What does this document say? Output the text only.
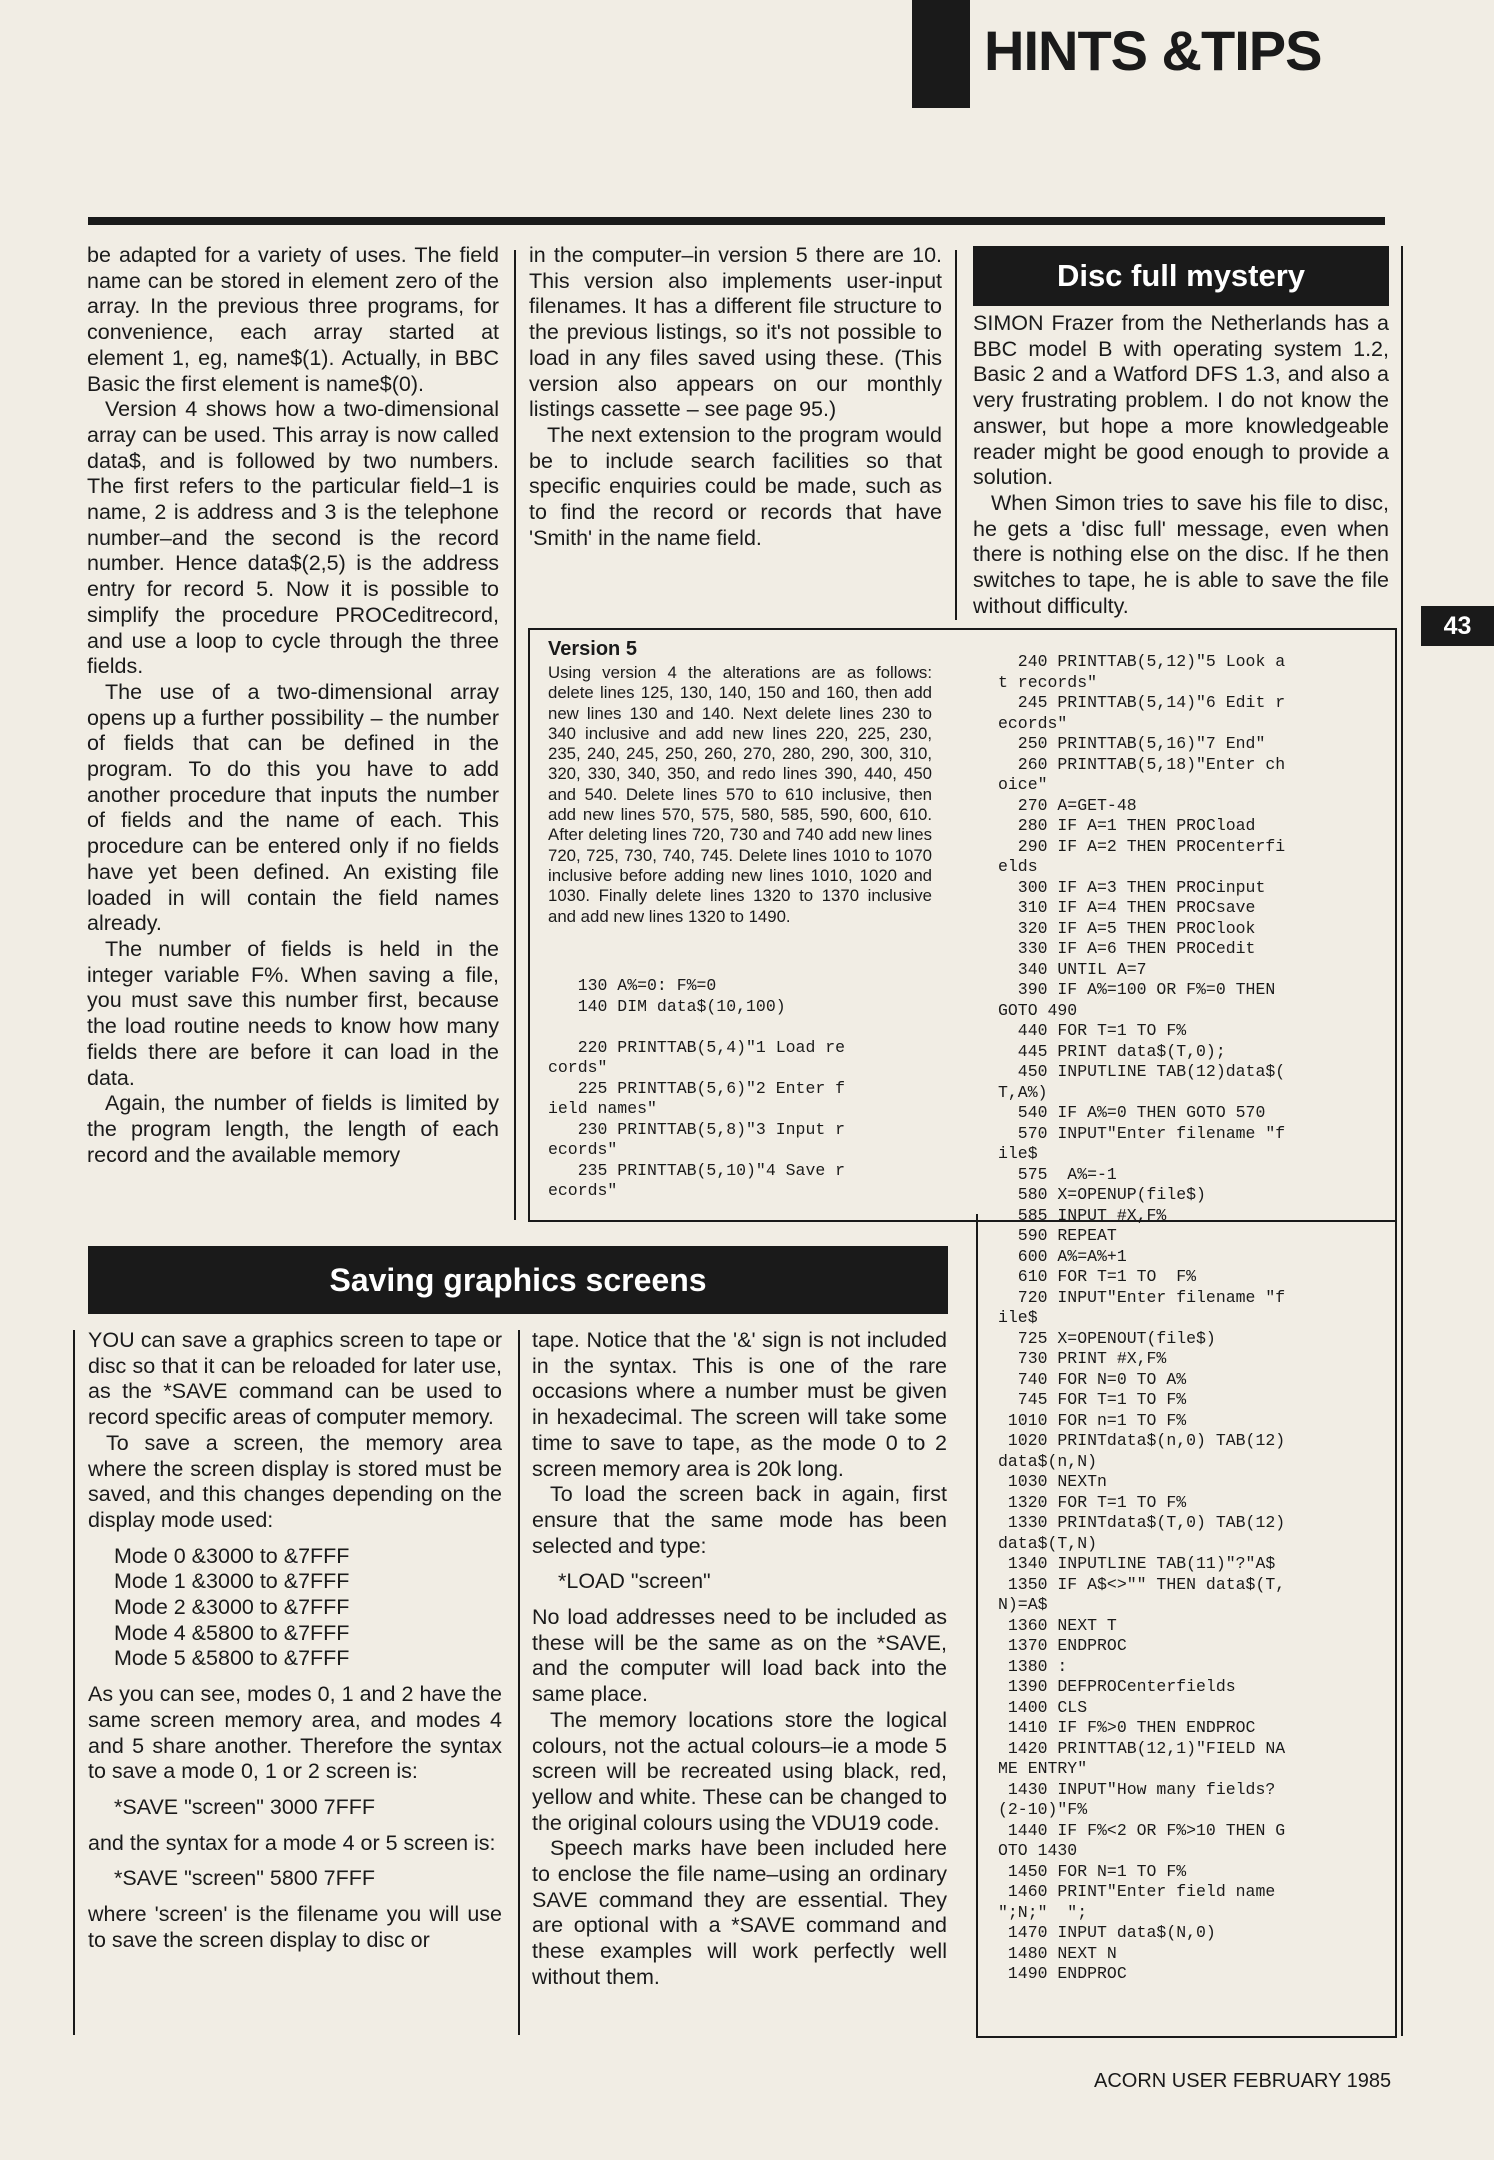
HINTS &TIPS

be adapted for a variety of uses. The field name can be stored in element zero of the array. In the previous three programs, for convenience, each array started at element 1, eg, name$(1). Actually, in BBC Basic the first element is name$(0).

Version 4 shows how a two-dimensional array can be used. This array is now called data$, and is followed by two numbers. The first refers to the particular field–1 is name, 2 is address and 3 is the telephone number–and the second is the record number. Hence data$(2,5) is the address entry for record 5. Now it is possible to simplify the procedure PROCeditrecord, and use a loop to cycle through the three fields.

The use of a two-dimensional array opens up a further possibility – the number of fields that can be defined in the program. To do this you have to add another procedure that inputs the number of fields and the name of each. This procedure can be entered only if no fields have yet been defined. An existing file loaded in will contain the field names already.

The number of fields is held in the integer variable F%. When saving a file, you must save this number first, because the load routine needs to know how many fields there are before it can load in the data.

Again, the number of fields is limited by the program length, the length of each record and the available memory

in the computer–in version 5 there are 10. This version also implements user-input filenames. It has a different file structure to the previous listings, so it's not possible to load in any files saved using these. (This version also appears on our monthly listings cassette – see page 95.)

The next extension to the program would be to include search facilities so that specific enquiries could be made, such as to find the record or records that have 'Smith' in the name field.

Disc full mystery

SIMON Frazer from the Netherlands has a BBC model B with operating system 1.2, Basic 2 and a Watford DFS 1.3, and also a very frustrating problem. I do not know the answer, but hope a more knowledgeable reader might be good enough to provide a solution.

When Simon tries to save his file to disc, he gets a 'disc full' message, even when there is nothing else on the disc. If he then switches to tape, he is able to save the file without difficulty.

43
Version 5
Using version 4 the alterations are as follows: delete lines 125, 130, 140, 150 and 160, then add new lines 130 and 140. Next delete lines 230 to 340 inclusive and add new lines 220, 225, 230, 235, 240, 245, 250, 260, 270, 280, 290, 300, 310, 320, 330, 340, 350, and redo lines 390, 440, 450 and 540. Delete lines 570 to 610 inclusive, then add new lines 570, 575, 580, 585, 590, 600, 610. After deleting lines 720, 730 and 740 add new lines 720, 725, 730, 740, 745. Delete lines 1010 to 1070 inclusive before adding new lines 1010, 1020 and 1030. Finally delete lines 1320 to 1370 inclusive and add new lines 1320 to 1490.
130 A%=0: F%=0
140 DIM data$(10,100)

220 PRINTTAB(5,4)"1 Load re
cords"
225 PRINTTAB(5,6)"2 Enter f
ield names"
230 PRINTTAB(5,8)"3 Input r
ecords"
235 PRINTTAB(5,10)"4 Save r
ecords"
240 PRINTTAB(5,12)"5 Look a
t records"
245 PRINTTAB(5,14)"6 Edit r
ecords"
250 PRINTTAB(5,16)"7 End"
260 PRINTTAB(5,18)"Enter ch
oice"
270 A=GET-48
280 IF A=1 THEN PROCload
290 IF A=2 THEN PROCenterfi
elds
300 IF A=3 THEN PROCinput
310 IF A=4 THEN PROCsave
320 IF A=5 THEN PROClook
330 IF A=6 THEN PROCedit
340 UNTIL A=7
390 IF A%=100 OR F%=0 THEN
GOTO 490
440 FOR T=1 TO F%
445 PRINT data$(T,0);
450 INPUTLINE TAB(12)data$(
T,A%)
540 IF A%=0 THEN GOTO 570
570 INPUT"Enter filename "f
ile$
575  A%=-1
580 X=OPENUP(file$)
585 INPUT #X,F%
590 REPEAT
600 A%=A%+1
610 FOR T=1 TO  F%
720 INPUT"Enter filename "f
ile$
725 X=OPENOUT(file$)
730 PRINT #X,F%
740 FOR N=0 TO A%
745 FOR T=1 TO F%
1010 FOR n=1 TO F%
1020 PRINTdata$(n,0) TAB(12)
data$(n,N)
1030 NEXTn
1320 FOR T=1 TO F%
1330 PRINTdata$(T,0) TAB(12)
data$(T,N)
1340 INPUTLINE TAB(11)"?"A$
1350 IF A$<>"" THEN data$(T,
N)=A$
1360 NEXT T
1370 ENDPROC
1380 :
1390 DEFPROCenterfields
1400 CLS
1410 IF F%>0 THEN ENDPROC
1420 PRINTTAB(12,1)"FIELD NA
ME ENTRY"
1430 INPUT"How many fields?
(2-10)"F%
1440 IF F%<2 OR F%>10 THEN G
OTO 1430
1450 FOR N=1 TO F%
1460 PRINT"Enter field name
";N;"  ";
1470 INPUT data$(N,0)
1480 NEXT N
1490 ENDPROC
Saving graphics screens

YOU can save a graphics screen to tape or disc so that it can be reloaded for later use, as the *SAVE command can be used to record specific areas of computer memory.

To save a screen, the memory area where the screen display is stored must be saved, and this changes depending on the display mode used:

Mode 0 &3000 to &7FFF
Mode 1 &3000 to &7FFF
Mode 2 &3000 to &7FFF
Mode 4 &5800 to &7FFF
Mode 5 &5800 to &7FFF

As you can see, modes 0, 1 and 2 have the same screen memory area, and modes 4 and 5 share another. Therefore the syntax to save a mode 0, 1 or 2 screen is:

*SAVE "screen" 3000 7FFF

and the syntax for a mode 4 or 5 screen is:

*SAVE "screen" 5800 7FFF

where 'screen' is the filename you will use to save the screen display to disc or

tape. Notice that the '&' sign is not included in the syntax. This is one of the rare occasions where a number must be given in hexadecimal. The screen will take some time to save to tape, as the mode 0 to 2 screen memory area is 20k long.

To load the screen back in again, first ensure that the same mode has been selected and type:

*LOAD "screen"

No load addresses need to be included as these will be the same as on the *SAVE, and the computer will load back into the same place.

The memory locations store the logical colours, not the actual colours–ie a mode 5 screen will be recreated using black, red, yellow and white. These can be changed to the original colours using the VDU19 code.

Speech marks have been included here to enclose the file name–using an ordinary SAVE command they are essential. They are optional with a *SAVE command and these examples will work perfectly well without them.

ACORN USER FEBRUARY 1985
